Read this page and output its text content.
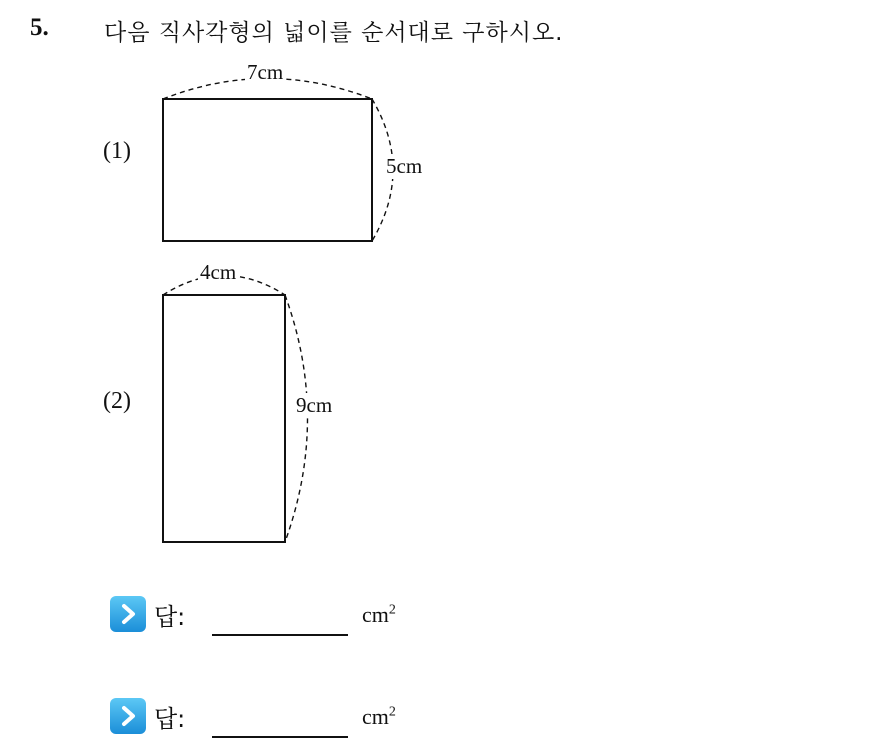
5. 다음 직사각형의 넓이를 순서대로 구하시오.
(1)
7cm
5cm
(2)
4cm
9cm
답:	$cm^2$
답:	$cm^2$
